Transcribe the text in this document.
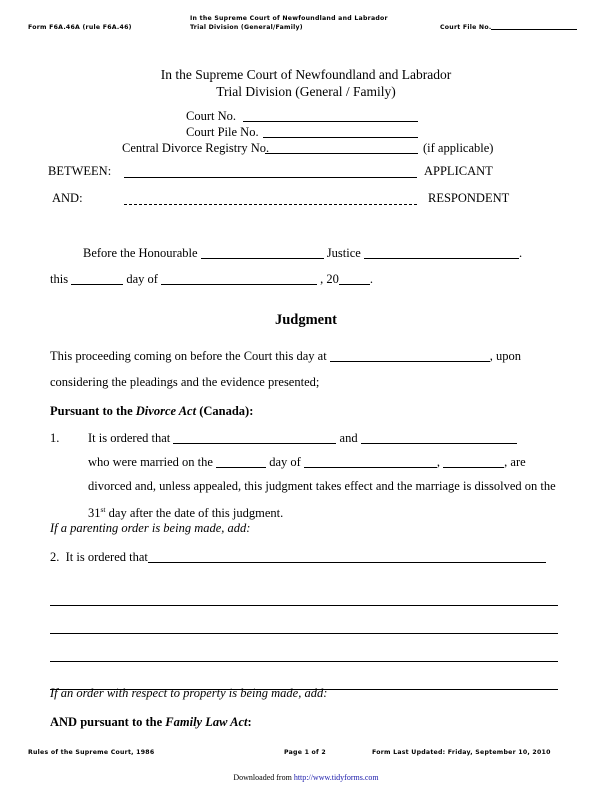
Form F6A.46A (rule F6A.46)
In the Supreme Court of Newfoundland and Labrador
Trial Division (General/Family)	Court File No.
In the Supreme Court of Newfoundland and Labrador
Trial Division (General / Family)
Court No.
Court Pile No.
Central Divorce Registry No.	(if applicable)
BETWEEN:	APPLICANT
AND:	RESPONDENT
Before the Honourable	Justice	.
this	day of	, 20 .
Judgment
This proceeding coming on before the Court this day at	, upon
considering the pleadings and the evidence presented;
Pursuant to the Divorce Act (Canada):
1. It is ordered that	and
who were married on the	day of	,	, are
divorced and, unless appealed, this judgment takes effect and the marriage is dissolved on the
31st day after the date of this judgment.
If a parenting order is being made, add:
2. It is ordered that
If an order with respect to property is being made, add:
AND pursuant to the Family Law Act:
Rules of the Supreme Court, 1986	Page 1 of 2	Form Last Updated: Friday, September 10, 2010
Downloaded from http://www.tidyforms.com
